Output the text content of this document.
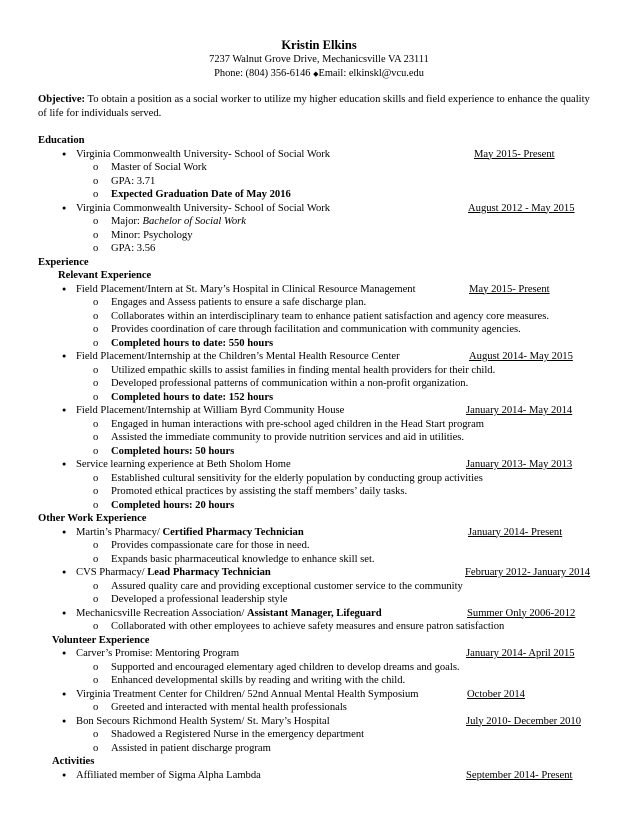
Kristin Elkins
7237 Walnut Grove Drive, Mechanicsville VA 23111
Phone: (804) 356-6146 ◆Email: elkinskl@vcu.edu
Objective: To obtain a position as a social worker to utilize my higher education skills and field experience to enhance the quality of life for individuals served.
Education
● Virginia Commonwealth University- School of Social Work	May 2015- Present
o Master of Social Work
o GPA: 3.71
o Expected Graduation Date of May 2016
● Virginia Commonwealth University- School of Social Work	August 2012 - May 2015
o Major: Bachelor of Social Work
o Minor: Psychology
o GPA: 3.56
Experience
Relevant Experience
● Field Placement/Intern at St. Mary’s Hospital in Clinical Resource Management	May 2015- Present
o Engages and Assess patients to ensure a safe discharge plan.
o Collaborates within an interdisciplinary team to enhance patient satisfaction and agency core measures.
o Provides coordination of care through facilitation and communication with community agencies.
o Completed hours to date: 550 hours
● Field Placement/Internship at the Children’s Mental Health Resource Center	August 2014- May 2015
o Utilized empathic skills to assist families in finding mental health providers for their child.
o Developed professional patterns of communication within a non-profit organization.
o Completed hours to date: 152 hours
● Field Placement/Internship at William Byrd Community House	January 2014- May 2014
o Engaged in human interactions with pre-school aged children in the Head Start program
o Assisted the immediate community to provide nutrition services and aid in utilities.
o Completed hours: 50 hours
● Service learning experience at Beth Sholom Home	January 2013- May 2013
o Established cultural sensitivity for the elderly population by conducting group activities
o Promoted ethical practices by assisting the staff members’ daily tasks.
o Completed hours: 20 hours
Other Work Experience
● Martin’s Pharmacy/ Certified Pharmacy Technician	January 2014- Present
o Provides compassionate care for those in need.
o Expands basic pharmaceutical knowledge to enhance skill set.
● CVS Pharmacy/ Lead Pharmacy Technician	February 2012- January 2014
o Assured quality care and providing exceptional customer service to the community
o Developed a professional leadership style
● Mechanicsville Recreation Association/ Assistant Manager, Lifeguard	Summer Only 2006-2012
o Collaborated with other employees to achieve safety measures and ensure patron satisfaction
Volunteer Experience
● Carver’s Promise: Mentoring Program	January 2014- April 2015
o Supported and encouraged elementary aged children to develop dreams and goals.
o Enhanced developmental skills by reading and writing with the child.
● Virginia Treatment Center for Children/ 52nd Annual Mental Health Symposium	October 2014
o Greeted and interacted with mental health professionals
● Bon Secours Richmond Health System/ St. Mary’s Hospital	July 2010- December 2010
o Shadowed a Registered Nurse in the emergency department
o Assisted in patient discharge program
Activities
● Affiliated member of Sigma Alpha Lambda	September 2014- Present
